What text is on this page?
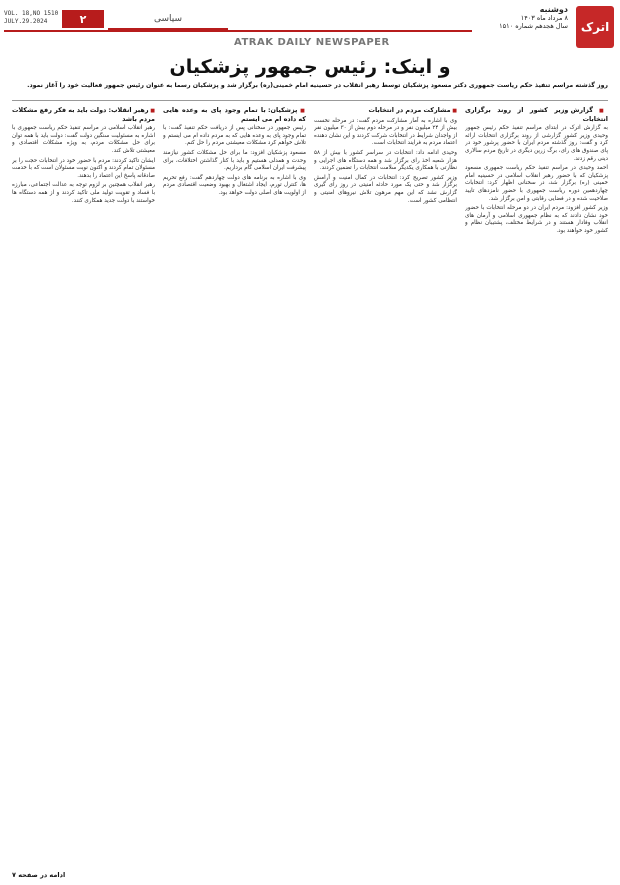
VOL. 18,NO 1510
JULY.29.2024	۲	سیاسی
ATRAK DAILY NEWSPAPER
دوشنبه
۸ مرداد ماه ۱۴۰۳
سال هجدهم شماره ۱۵۱۰	اترک
و اینک: رئیس جمهور پزشکیان
روز گذشته مراسم تنفیذ حکم ریاست جمهوری دکتر مسعود پزشکیان توسط رهبر انقلاب در حسینیه امام خمینی(ره) برگزار شد و پزشکیان رسما به عنوان رئیس جمهور فعالیت خود را آغاز نمود.
■ گزارش وزیر کشور از روند برگزاری انتخابات

به گزارش اترک در ابتدای مراسم تنفیذ حکم رئیس جمهور وحیدی وزیر کشور گزارشی از روند برگزاری انتخابات ارائه کرد و گفت: روز گذشته مردم ایران با حضور پرشور خود در پای صندوق های رای، برگ زرین دیگری در تاریخ مردم سالاری دینی رقم زدند.

احمد وحیدی در مراسم تنفیذ حکم ریاست جمهوری مسعود پزشکیان که با حضور رهبر انقلاب اسلامی در حسینیه امام خمینی (ره) برگزار شد، در سخنانی اظهار کرد: انتخابات چهاردهمین دوره ریاست جمهوری با حضور نامزدهای تایید صلاحیت شده و در فضایی رقابتی و امن برگزار شد.

وزیر کشور افزود: مردم ایران در دو مرحله انتخابات با حضور خود نشان دادند که به نظام جمهوری اسلامی و آرمان های انقلاب وفادار هستند و در شرایط مختلف، پشتیبان نظام و کشور خود خواهند بود.

■ مشارکت مردم در انتخابات

وی با اشاره به آمار مشارکت مردم گفت: در مرحله نخست بیش از ۲۴ میلیون نفر و در مرحله دوم بیش از ۳۰ میلیون نفر از واجدان شرایط در انتخابات شرکت کردند و این نشان دهنده اعتماد مردم به فرایند انتخابات است.

وحیدی ادامه داد: انتخابات در سراسر کشور با بیش از ۵۸ هزار شعبه اخذ رای برگزار شد و همه دستگاه های اجرایی و نظارتی با همکاری یکدیگر سلامت انتخابات را تضمین کردند.

وزیر کشور تصریح کرد: انتخابات در کمال امنیت و آرامش برگزار شد و حتی یک مورد حادثه امنیتی در روز رای گیری گزارش نشد که این مهم مرهون تلاش نیروهای امنیتی و انتظامی کشور است.

■ پزشکیان: با تمام وجود پای به وعده هایی که داده ام می ایستم

رئیس جمهور در سخنانی پس از دریافت حکم تنفیذ گفت: با تمام وجود پای به وعده هایی که به مردم داده ام می ایستم و تلاش خواهم کرد مشکلات معیشتی مردم را حل کنم.

مسعود پزشکیان افزود: ما برای حل مشکلات کشور نیازمند وحدت و همدلی هستیم و باید با کنار گذاشتن اختلافات، برای پیشرفت ایران اسلامی گام برداریم.

وی با اشاره به برنامه های دولت چهاردهم گفت: رفع تحریم ها، کنترل تورم، ایجاد اشتغال و بهبود وضعیت اقتصادی مردم از اولویت های اصلی دولت خواهد بود.

■ رهبر انقلاب: دولت باید به فکر رفع مشکلات مردم باشد

رهبر انقلاب اسلامی در مراسم تنفیذ حکم ریاست جمهوری با اشاره به مسئولیت سنگین دولت گفت: دولت باید با همه توان برای حل مشکلات مردم، به ویژه مشکلات اقتصادی و معیشتی تلاش کند.

ایشان تاکید کردند: مردم با حضور خود در انتخابات حجت را بر مسئولان تمام کردند و اکنون نوبت مسئولان است که با خدمت صادقانه پاسخ این اعتماد را بدهند.

رهبر انقلاب همچنین بر لزوم توجه به عدالت اجتماعی، مبارزه با فساد و تقویت تولید ملی تاکید کردند و از همه دستگاه ها خواستند با دولت جدید همکاری کنند.

ادامه در صفحه ۷
